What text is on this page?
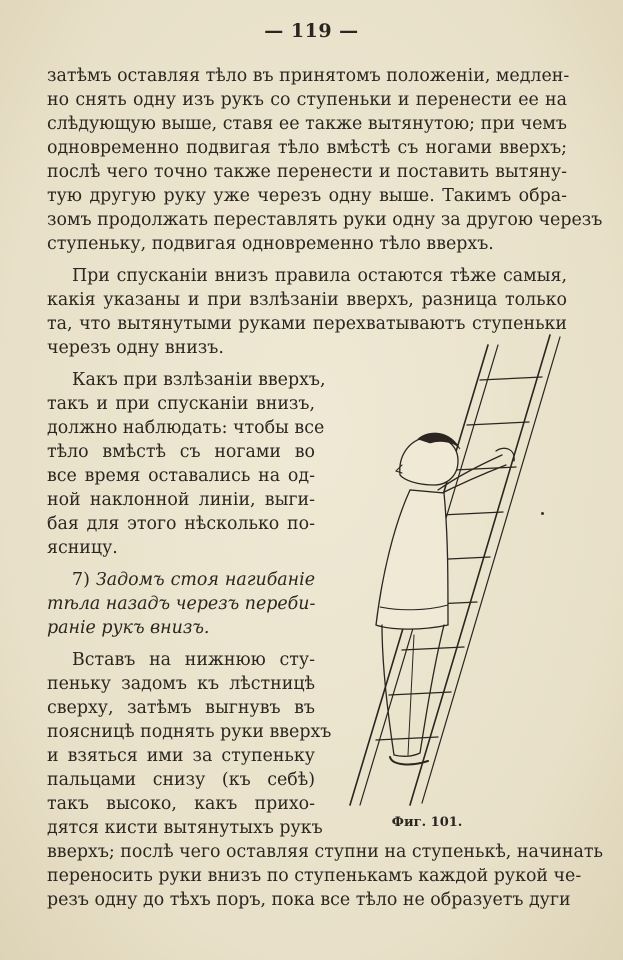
— 119 —
затѣмъ оставляя тѣло въ принятомъ положеніи, медлен-
но снять одну изъ рукъ со ступеньки и перенести ее на
слѣдующую выше, ставя ее также вытянутою; при чемъ
одновременно подвигая тѣло вмѣстѣ съ ногами вверхъ;
послѣ чего точно также перенести и поставить вытяну-
тую другую руку уже черезъ одну выше. Такимъ обра-
зомъ продолжать переставлять руки одну за другою черезъ
ступеньку, подвигая одновременно тѣло вверхъ.
При спусканіи внизъ правила остаются тѣже самыя,
какія указаны и при взлѣзаніи вверхъ, разница только
та, что вытянутыми руками перехватываютъ ступеньки
черезъ одну внизъ.
Какъ при взлѣзаніи вверхъ,
такъ и при спусканіи внизъ,
должно наблюдать: чтобы все
тѣло вмѣстѣ съ ногами во
все время оставались на од-
ной наклонной линіи, выги-
бая для этого нѣсколько по-
ясницу.
7) Задомъ стоя нагибаніе
тѣла назадъ черезъ переби-
раніе рукъ внизъ.
Вставъ на нижнюю сту-
пеньку задомъ къ лѣстницѣ
сверху, затѣмъ выгнувъ въ
поясницѣ поднять руки вверхъ
и взяться ими за ступеньку
пальцами снизу (къ себѣ)
такъ высоко, какъ прихо-
дятся кисти вытянутыхъ рукъ
вверхъ; послѣ чего оставляя ступни на ступенькѣ, начинать
переносить руки внизъ по ступенькамъ каждой рукой че-
резъ одну до тѣхъ поръ, пока все тѣло не образуетъ дуги
Фиг. 101.
